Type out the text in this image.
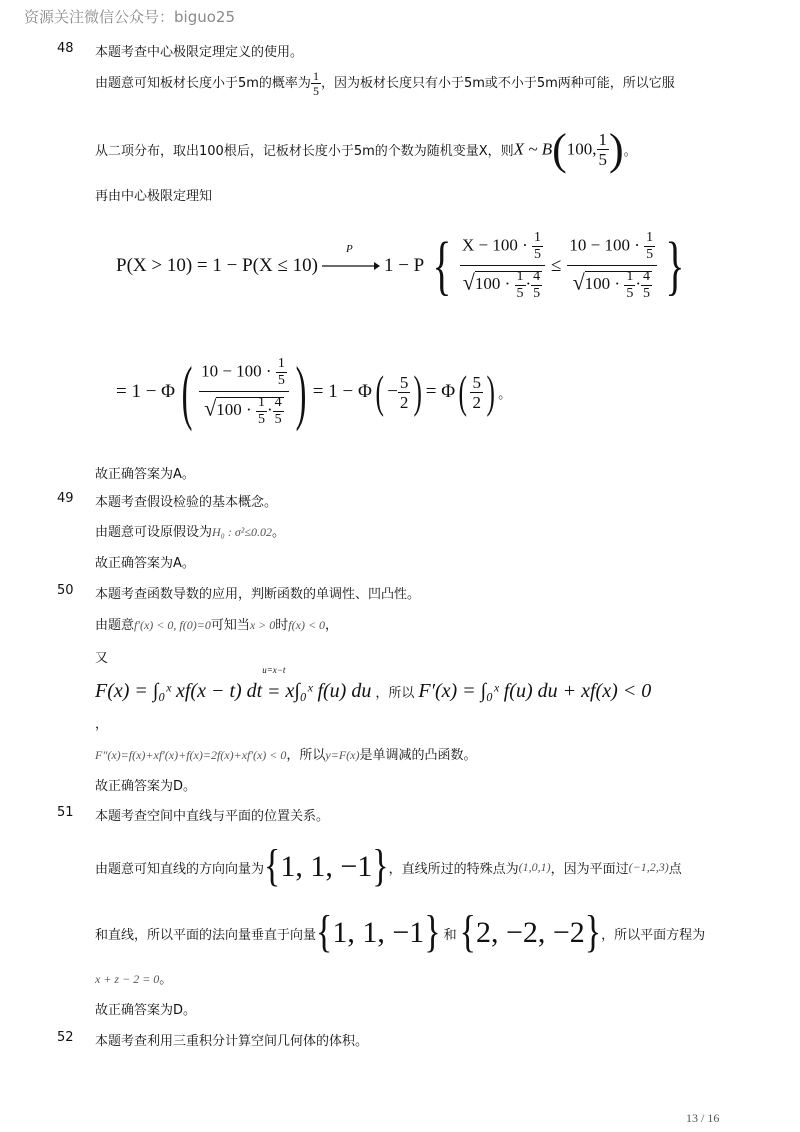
资源关注微信公众号：biguo25
48 本题考查中心极限定理定义的使用。
由题意可知板材长度小于5m的概率为 $\frac{1}{5}$ ，因为板材长度只有小于5m或不小于5m两种可能，所以它服
从二项分布，取出100根后，记板材长度小于5m的个数为随机变量X，则X ~ B(100, $\frac{1}{5}$ )。
再由中心极限定理知
P(X > 10) = 1 − P(X ≤ 10)
P
1 − P { $\frac{X - 100 \cdot \frac{1}{5}}{√100 \cdot \frac{1}{5} \cdot \frac{4}{5}} \le \frac{10 - 100 \cdot \frac{1}{5}}{√100 \cdot \frac{1}{5} \cdot \frac{4}{5}}$ }
= 1 − Φ ( $\frac{10 - 100 \cdot \frac{1}{5}}{√100 \cdot \frac{1}{5} \cdot \frac{4}{5}}$ ) = 1 − Φ ( − $\frac{5}{2}$ ) = Φ ( $\frac{5}{2}$ ) 。
故正确答案为A。
49 本题考查假设检验的基本概念。
由题意可设原假设为H₀ : σ²≤0.02。
故正确答案为A。
50 本题考查函数导数的应用，判断函数的单调性、凹凸性。
由题意f′(x) < 0, f(0)=0可知当x > 0时f(x) < 0，
又
F(x) = ∫₀ˣ xf(x − t) dt
u=x−t
= x∫₀ˣ f(u) du ，所以 F′(x) = ∫₀ˣ f(u) du + xf(x) < 0
，
F″(x)=f(x)+xf′(x)+f(x)=2f(x)+xf′(x) < 0，所以y=F(x)是单调减的凸函数。
故正确答案为D。
51 本题考查空间中直线与平面的位置关系。
由题意可知直线的方向向量为 { 1, 1, −1 } ，直线所过的特殊点为 (1,0,1) ，因为平面过 (−1,2,3) 点
和直线，所以平面的法向量垂直于向量 { 1, 1, −1 } 和 { 2, −2, −2 } ，所以平面方程为
x + z − 2 = 0。
故正确答案为D。
52 本题考查利用三重积分计算空间几何体的体积。
13 / 16
